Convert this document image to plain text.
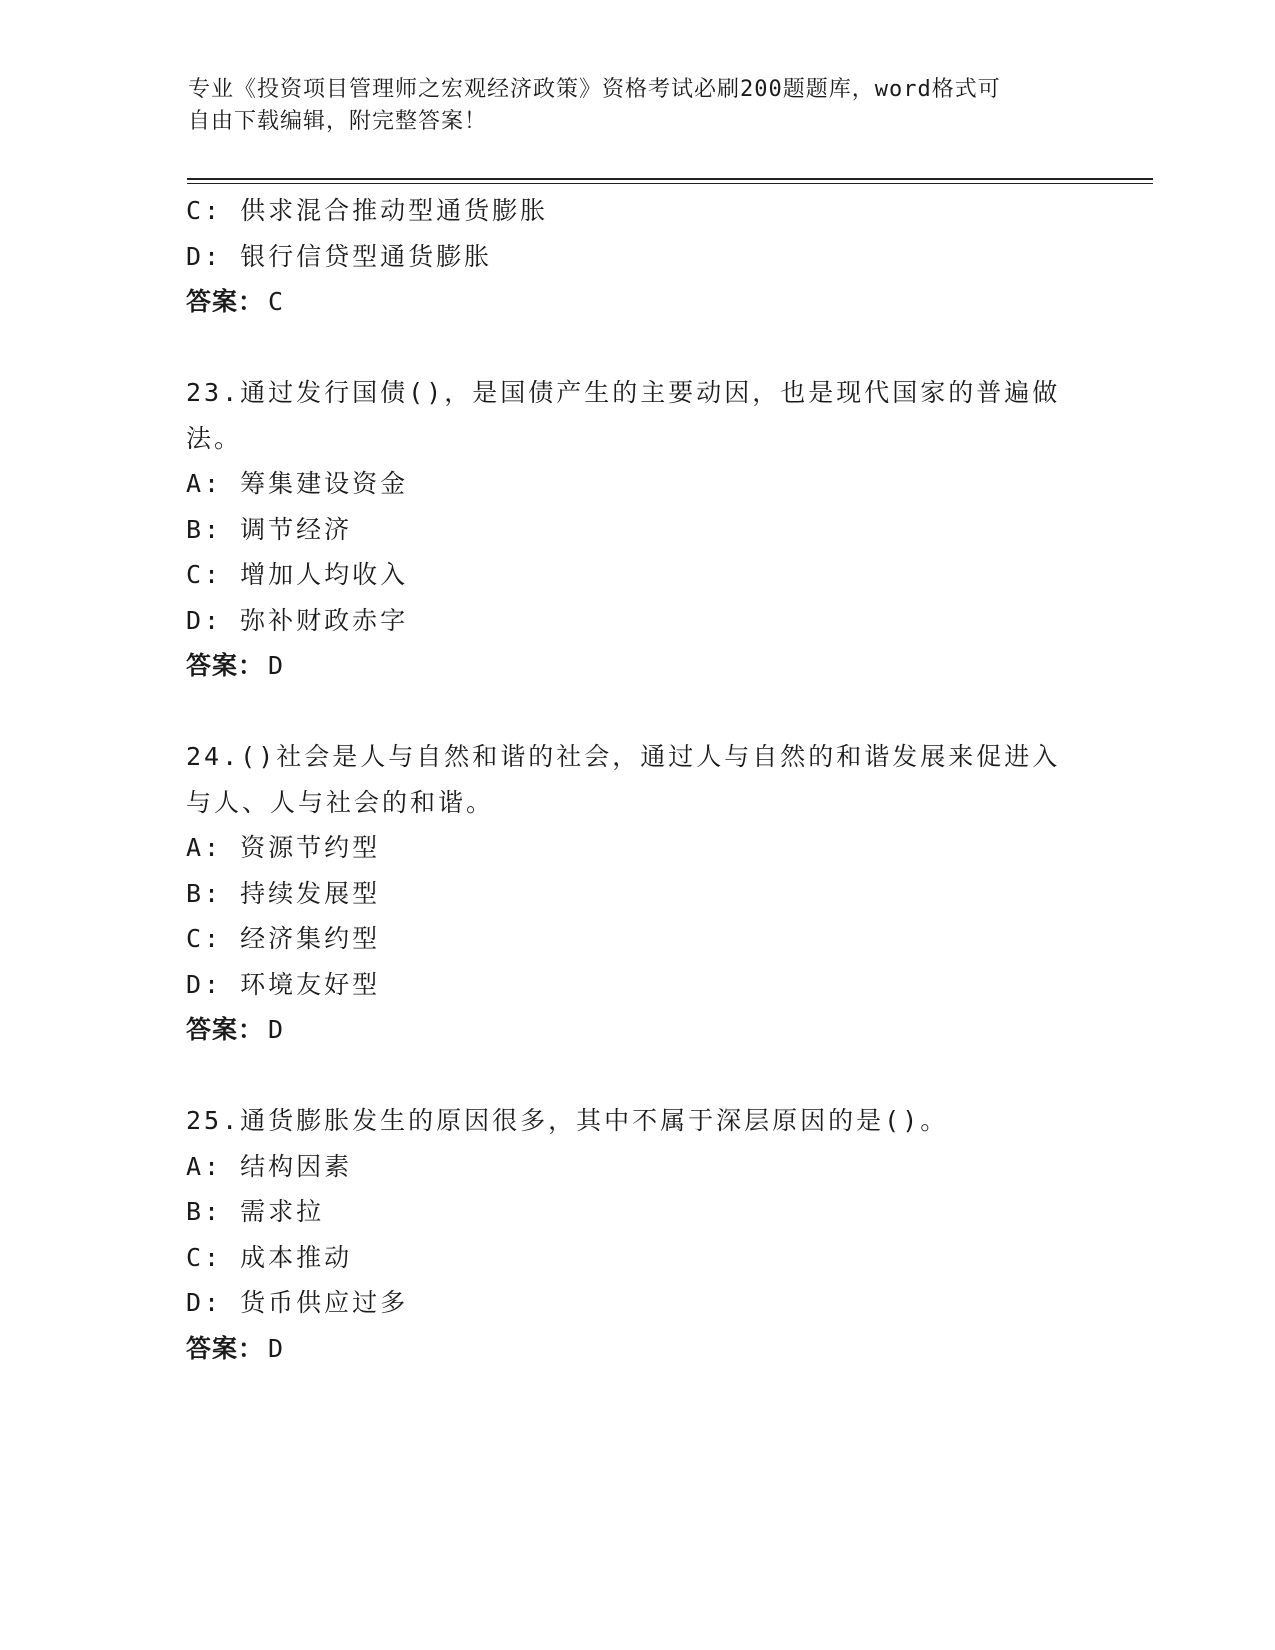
专业《投资项目管理师之宏观经济政策》资格考试必刷200题题库，word格式可
自由下载编辑，附完整答案！
C: 供求混合推动型通货膨胀
D: 银行信贷型通货膨胀
答案： C
23.通过发行国债()，是国债产生的主要动因，也是现代国家的普遍做
法。
A: 筹集建设资金
B: 调节经济
C: 增加人均收入
D: 弥补财政赤字
答案： D
24.()社会是人与自然和谐的社会，通过人与自然的和谐发展来促进入
与人、人与社会的和谐。
A: 资源节约型
B: 持续发展型
C: 经济集约型
D: 环境友好型
答案： D
25.通货膨胀发生的原因很多，其中不属于深层原因的是()。
A: 结构因素
B: 需求拉
C: 成本推动
D: 货币供应过多
答案： D
